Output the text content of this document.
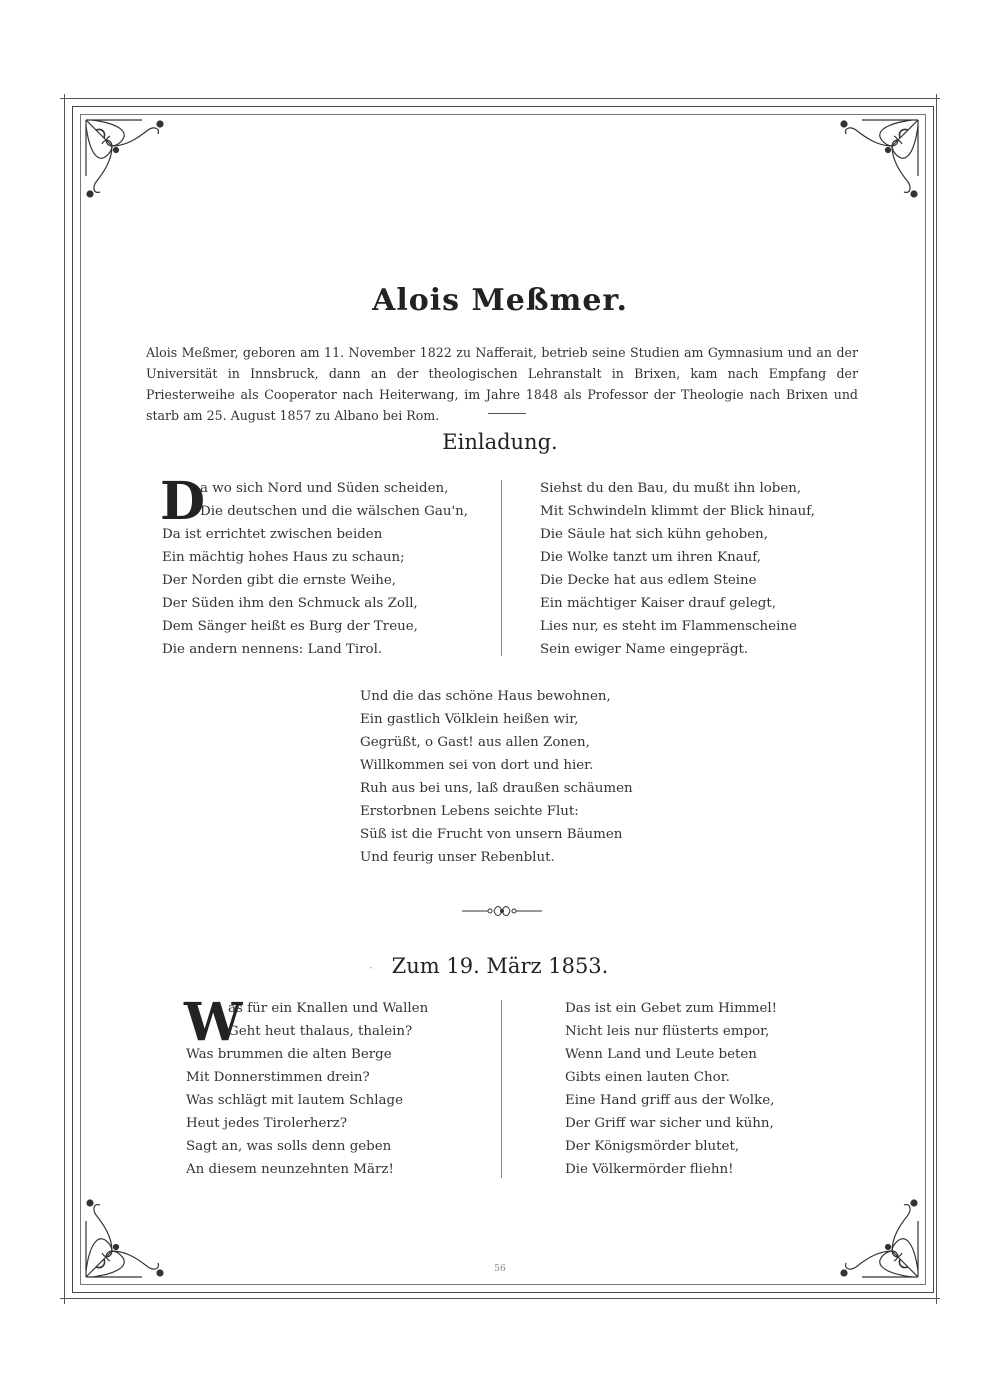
Alois Meßmer.
Alois Meßmer, geboren am 11. November 1822 zu Nafferait, betrieb seine Studien am Gymnasium und an der Universität in Innsbruck, dann an der theologischen Lehranstalt in Brixen, kam nach Empfang der Priesterweihe als Cooperator nach Heiterwang, im Jahre 1848 als Professor der Theologie nach Brixen und starb am 25. August 1857 zu Albano bei Rom.
Einladung.
D
a wo sich Nord und Süden scheiden,
Die deutschen und die wälschen Gau'n,
Da ist errichtet zwischen beiden
Ein mächtig hohes Haus zu schaun;
Der Norden gibt die ernste Weihe,
Der Süden ihm den Schmuck als Zoll,
Dem Sänger heißt es Burg der Treue,
Die andern nennens: Land Tirol.
Siehst du den Bau, du mußt ihn loben,
Mit Schwindeln klimmt der Blick hinauf,
Die Säule hat sich kühn gehoben,
Die Wolke tanzt um ihren Knauf,
Die Decke hat aus edlem Steine
Ein mächtiger Kaiser drauf gelegt,
Lies nur, es steht im Flammenscheine
Sein ewiger Name eingeprägt.
Und die das schöne Haus bewohnen,
Ein gastlich Völklein heißen wir,
Gegrüßt, o Gast! aus allen Zonen,
Willkommen sei von dort und hier.
Ruh aus bei uns, laß draußen schäumen
Erstorbnen Lebens seichte Flut:
Süß ist die Frucht von unsern Bäumen
Und feurig unser Rebenblut.
· Zum 19. März 1853.
W
as für ein Knallen und Wallen
Geht heut thalaus, thalein?
Was brummen die alten Berge
Mit Donnerstimmen drein?
Was schlägt mit lautem Schlage
Heut jedes Tirolerherz?
Sagt an, was solls denn geben
An diesem neunzehnten März!
Das ist ein Gebet zum Himmel!
Nicht leis nur flüsterts empor,
Wenn Land und Leute beten
Gibts einen lauten Chor.
Eine Hand griff aus der Wolke,
Der Griff war sicher und kühn,
Der Königsmörder blutet,
Die Völkermörder fliehn!
56
